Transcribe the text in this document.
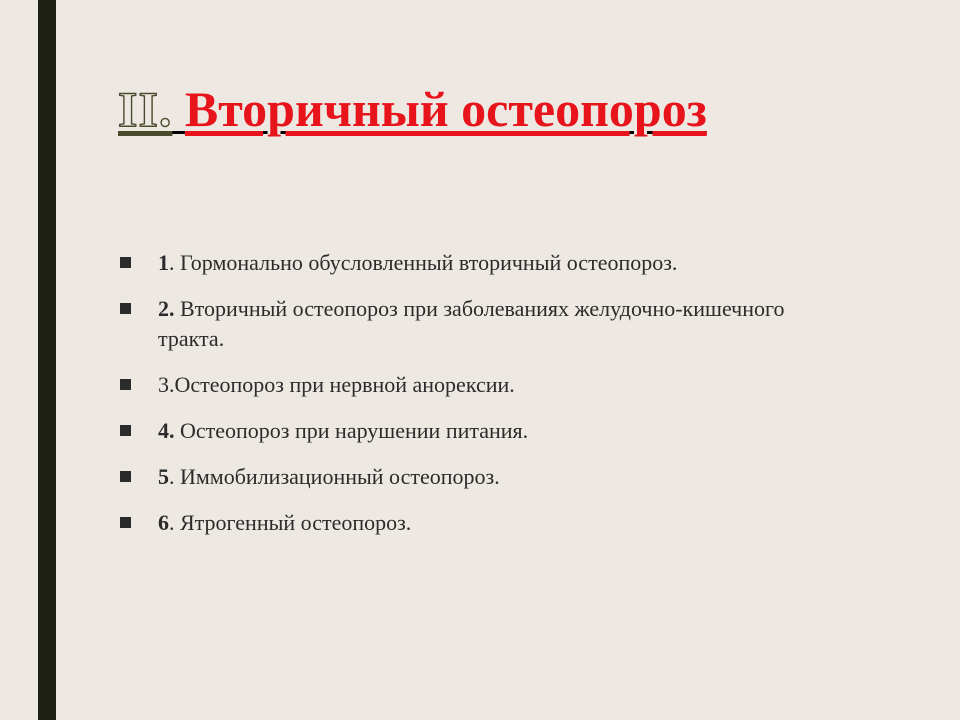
II. Вторичный остеопороз
1. Гормонально обусловленный вторичный остеопороз.
2. Вторичный остеопороз при заболеваниях желудочно-кишечного тракта.
3.Остеопороз при нервной анорексии.
4. Остеопороз при нарушении питания.
5. Иммобилизационный остеопороз.
6. Ятрогенный остеопороз.
